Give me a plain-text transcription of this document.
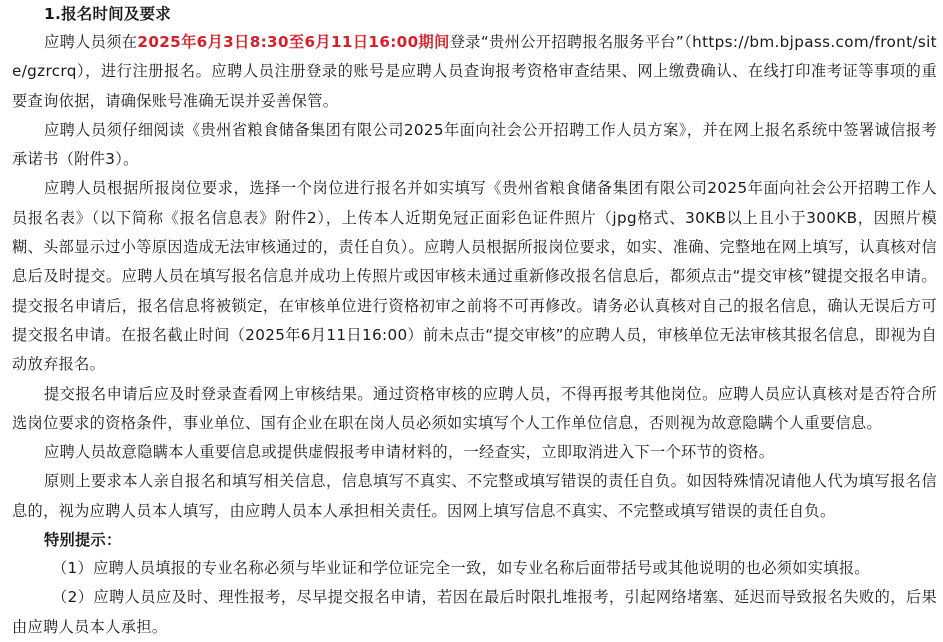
1.报名时间及要求

应聘人员须在2025年6月3日8:30至6月11日16:00期间登录“贵州公开招聘报名服务平台”（https://bm.bjpass.com/front/site/gzrcrq），进行注册报名。应聘人员注册登录的账号是应聘人员查询报考资格审查结果、网上缴费确认、在线打印准考证等事项的重要查询依据，请确保账号准确无误并妥善保管。

应聘人员须仔细阅读《贵州省粮食储备集团有限公司2025年面向社会公开招聘工作人员方案》，并在网上报名系统中签署诚信报考承诺书（附件3）。

应聘人员根据所报岗位要求，选择一个岗位进行报名并如实填写《贵州省粮食储备集团有限公司2025年面向社会公开招聘工作人员报名表》（以下简称《报名信息表》附件2），上传本人近期免冠正面彩色证件照片（jpg格式、30KB以上且小于300KB，因照片模糊、头部显示过小等原因造成无法审核通过的，责任自负）。应聘人员根据所报岗位要求，如实、准确、完整地在网上填写，认真核对信息后及时提交。应聘人员在填写报名信息并成功上传照片或因审核未通过重新修改报名信息后，都须点击“提交审核”键提交报名申请。提交报名申请后，报名信息将被锁定，在审核单位进行资格初审之前将不可再修改。请务必认真核对自己的报名信息，确认无误后方可提交报名申请。在报名截止时间（2025年6月11日16:00）前未点击“提交审核”的应聘人员，审核单位无法审核其报名信息，即视为自动放弃报名。

提交报名申请后应及时登录查看网上审核结果。通过资格审核的应聘人员，不得再报考其他岗位。应聘人员应认真核对是否符合所选岗位要求的资格条件，事业单位、国有企业在职在岗人员必须如实填写个人工作单位信息，否则视为故意隐瞒个人重要信息。

应聘人员故意隐瞒本人重要信息或提供虚假报考申请材料的，一经查实，立即取消进入下一个环节的资格。

原则上要求本人亲自报名和填写相关信息，信息填写不真实、不完整或填写错误的责任自负。如因特殊情况请他人代为填写报名信息的，视为应聘人员本人填写，由应聘人员本人承担相关责任。因网上填写信息不真实、不完整或填写错误的责任自负。

特别提示：

（1）应聘人员填报的专业名称必须与毕业证和学位证完全一致，如专业名称后面带括号或其他说明的也必须如实填报。

（2）应聘人员应及时、理性报考，尽早提交报名申请，若因在最后时限扎堆报考，引起网络堵塞、延迟而导致报名失败的，后果由应聘人员本人承担。
